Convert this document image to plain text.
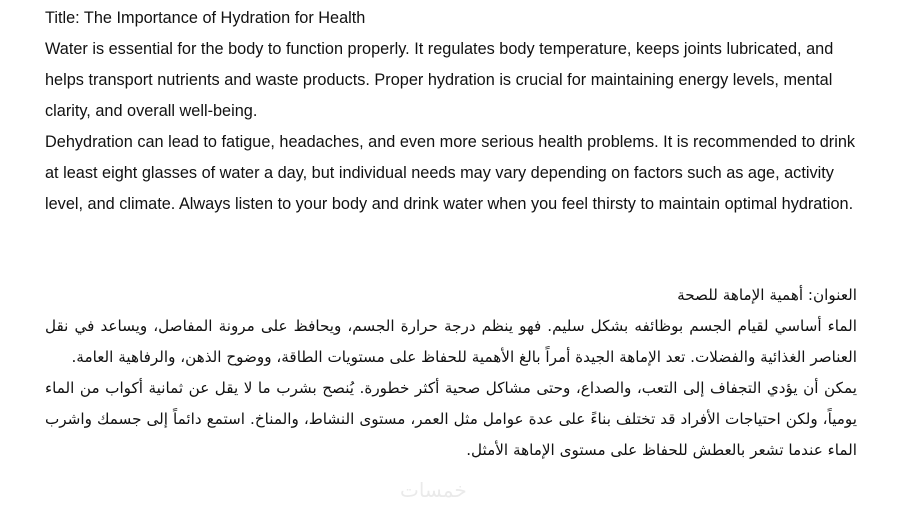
Title: The Importance of Hydration for Health

Water is essential for the body to function properly. It regulates body temperature, keeps joints lubricated, and helps transport nutrients and waste products. Proper hydration is crucial for maintaining energy levels, mental clarity, and overall well-being.

Dehydration can lead to fatigue, headaches, and even more serious health problems. It is recommended to drink at least eight glasses of water a day, but individual needs may vary depending on factors such as age, activity level, and climate. Always listen to your body and drink water when you feel thirsty to maintain optimal hydration.

العنوان: أهمية الإماهة للصحة

الماء أساسي لقيام الجسم بوظائفه بشكل سليم. فهو ينظم درجة حرارة الجسم، ويحافظ على مرونة المفاصل، ويساعد في نقل العناصر الغذائية والفضلات. تعد الإماهة الجيدة أمراً بالغ الأهمية للحفاظ على مستويات الطاقة، ووضوح الذهن، والرفاهية العامة.

يمكن أن يؤدي التجفاف إلى التعب، والصداع، وحتى مشاكل صحية أكثر خطورة. يُنصح بشرب ما لا يقل عن ثمانية أكواب من الماء يومياً، ولكن احتياجات الأفراد قد تختلف بناءً على عدة عوامل مثل العمر، مستوى النشاط، والمناخ. استمع دائماً إلى جسمك واشرب الماء عندما تشعر بالعطش للحفاظ على مستوى الإماهة الأمثل.

خمسات
